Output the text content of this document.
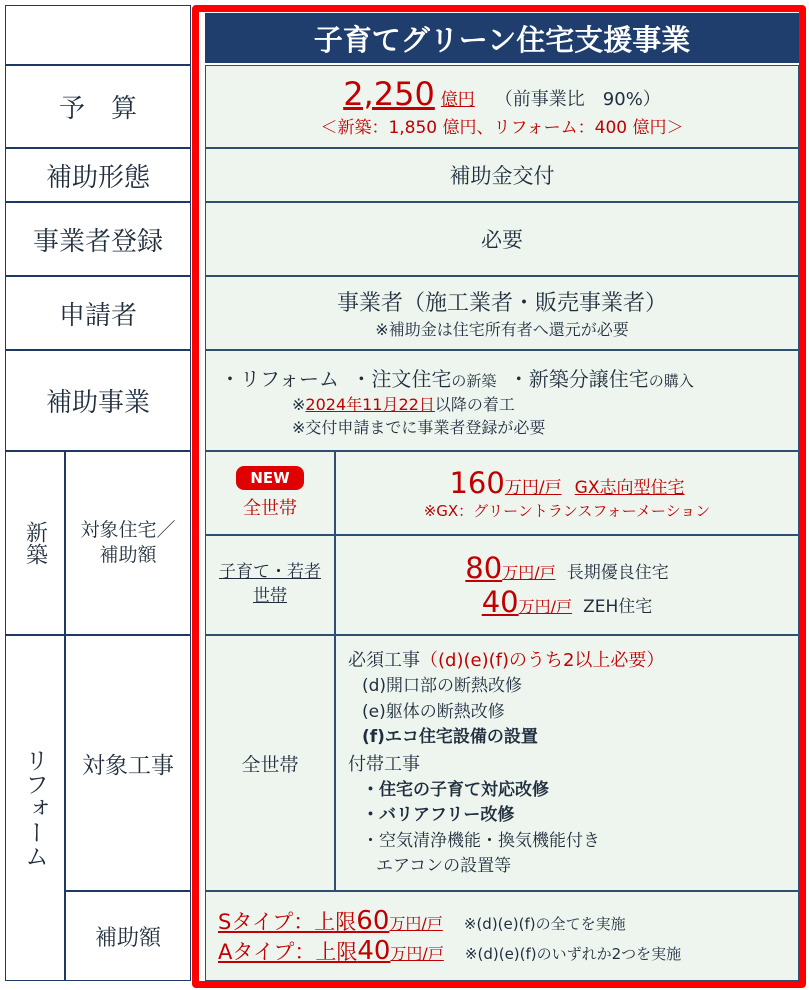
予　算
補助形態
事業者登録
申請者
補助事業
新築	対象住宅／補助額
リフォーム 対象工事
補助額
子育てグリーン住宅支援事業
2,250 億円 （前事業比　90%）
＜新築：1,850 億円、リフォーム：400 億円＞
補助金交付
必要
事業者（施工業者・販売事業者）
※補助金は住宅所有者へ還元が必要
・リフォーム ・注文住宅の新築 ・新築分譲住宅の購入
※2024年11月22日以降の着工
※交付申請までに事業者登録が必要
NEW
全世帯
160万円/戸 GX志向型住宅
※GX：グリーントランスフォーメーション
子育て・若者世帯
80万円/戸 長期優良住宅
40万円/戸 ZEH住宅
全世帯
必須工事（(d)(e)(f)のうち2以上必要）
(d)開口部の断熱改修
(e)躯体の断熱改修
(f)エコ住宅設備の設置
付帯工事
・住宅の子育て対応改修
・バリアフリー改修
・空気清浄機能・換気機能付き
エアコンの設置等
Sタイプ：上限60万円/戸 ※(d)(e)(f)の全てを実施
Aタイプ：上限40万円/戸 ※(d)(e)(f)のいずれか2つを実施
